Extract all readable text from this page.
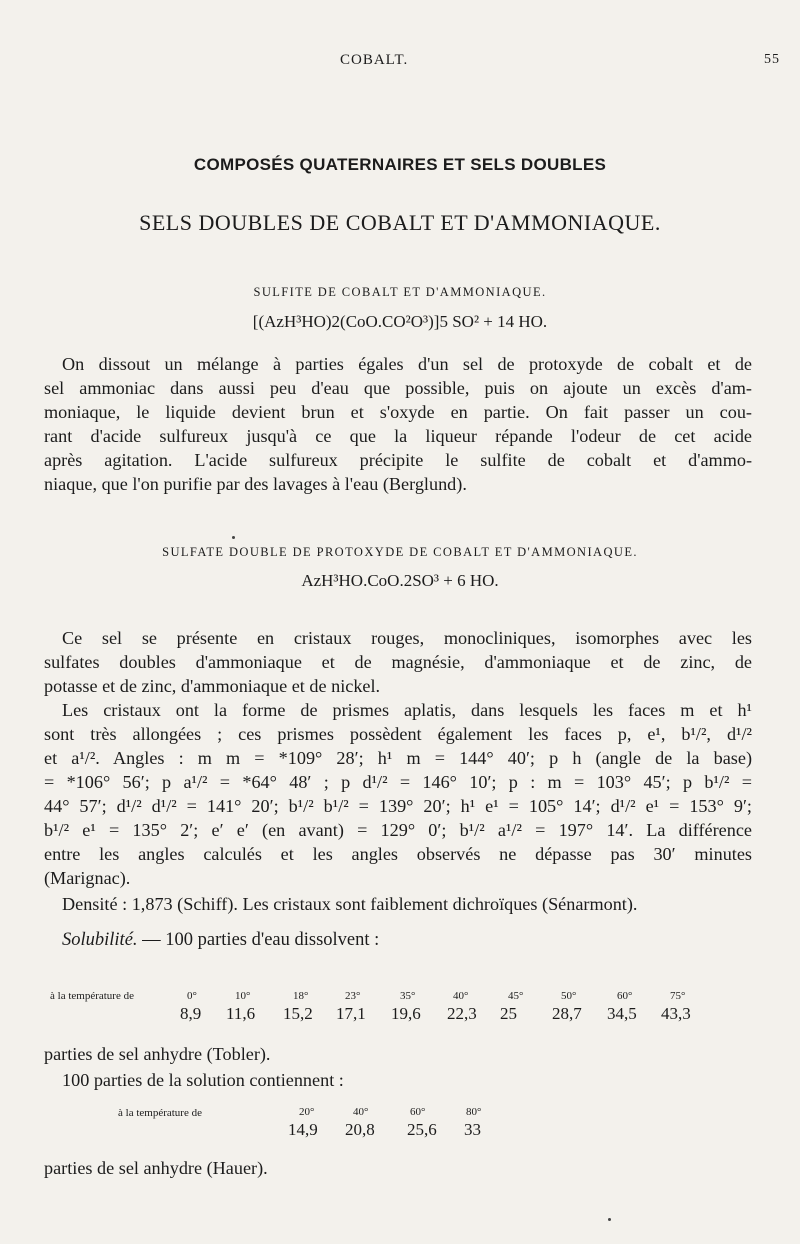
COBALT.	55
COMPOSÉS QUATERNAIRES ET SELS DOUBLES
SELS DOUBLES DE COBALT ET D'AMMONIAQUE.
SULFITE DE COBALT ET D'AMMONIAQUE.
[(AzH³HO)2(CoO.CO²O³)]5 SO² + 14 HO.
On dissout un mélange à parties égales d'un sel de protoxyde de cobalt et de
sel ammoniac dans aussi peu d'eau que possible, puis on ajoute un excès d'am-
moniaque, le liquide devient brun et s'oxyde en partie. On fait passer un cou-
rant d'acide sulfureux jusqu'à ce que la liqueur répande l'odeur de cet acide
après agitation. L'acide sulfureux précipite le sulfite de cobalt et d'ammo-
niaque, que l'on purifie par des lavages à l'eau (Berglund).
SULFATE DOUBLE DE PROTOXYDE DE COBALT ET D'AMMONIAQUE.
AzH³HO.CoO.2SO³ + 6 HO.
Ce sel se présente en cristaux rouges, monocliniques, isomorphes avec les
sulfates doubles d'ammoniaque et de magnésie, d'ammoniaque et de zinc, de
potasse et de zinc, d'ammoniaque et de nickel.
Les cristaux ont la forme de prismes aplatis, dans lesquels les faces m et h¹
sont très allongées ; ces prismes possèdent également les faces p, e¹, b¹/², d¹/²
et a¹/². Angles : m m = *109° 28′; h¹ m = 144° 40′; p h (angle de la base)
= *106° 56′; p a¹/² = *64° 48′ ; p d¹/² = 146° 10′; p : m = 103° 45′; p b¹/² =
44° 57′; d¹/² d¹/² = 141° 20′; b¹/² b¹/² = 139° 20′; h¹ e¹ = 105° 14′; d¹/² e¹ = 153° 9′;
b¹/² e¹ = 135° 2′; e′ e′ (en avant) = 129° 0′; b¹/² a¹/² = 197° 14′. La différence
entre les angles calculés et les angles observés ne dépasse pas 30′ minutes
(Marignac).
Densité : 1,873 (Schiff). Les cristaux sont faiblement dichroïques (Sénarmont).
Solubilité. — 100 parties d'eau dissolvent :
à la température de	0°	10°	18°	23°	35°	40°	45°	50°	60°	75°
8,9 11,6 15,2 17,1 19,6 22,3 25 28,7 34,5 43,3
parties de sel anhydre (Tobler).
100 parties de la solution contiennent :
à la température de	20°	40°	60°	80°
14,9 20,8 25,6 33
parties de sel anhydre (Hauer).
